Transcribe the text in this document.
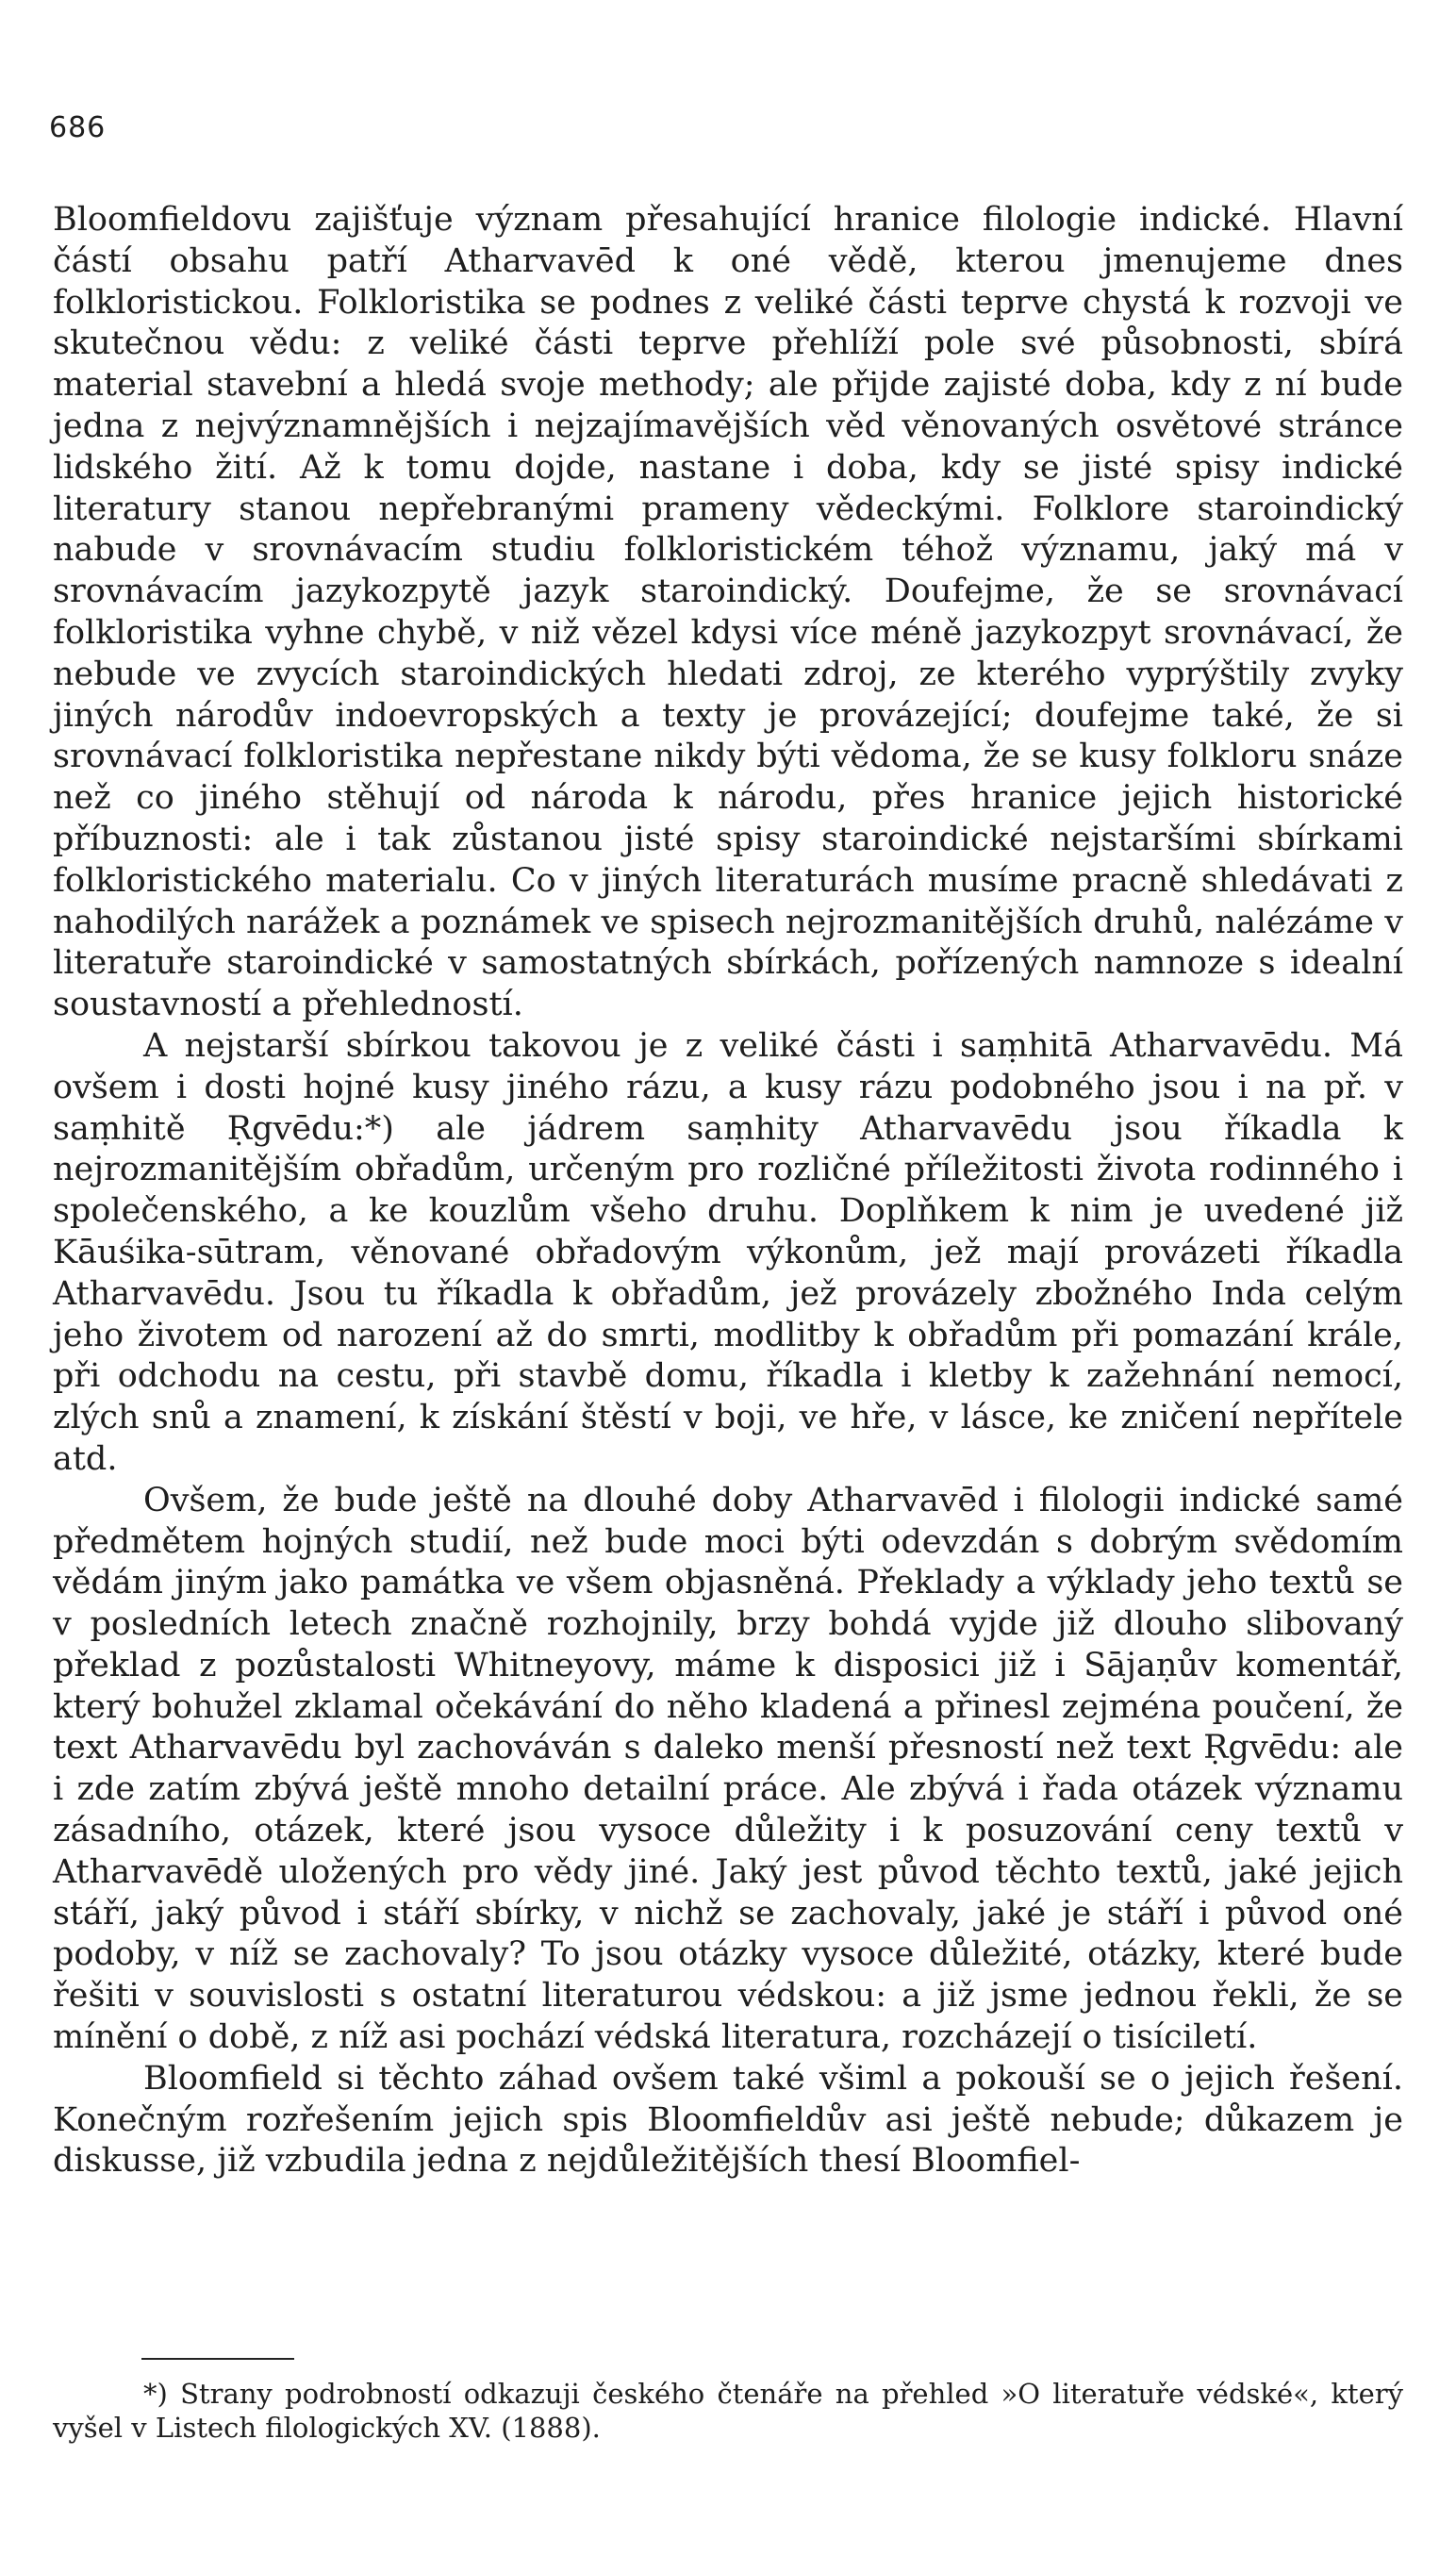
686

Bloomfieldovu zajišťuje význam přesahující hranice filologie indické. Hlavní částí obsahu patří Atharvavēd k oné vědě, kterou jmenujeme dnes folkloristickou. Folkloristika se podnes z veliké části teprve chystá k rozvoji ve skutečnou vědu: z veliké části teprve přehlíží pole své působnosti, sbírá material stavební a hledá svoje methody; ale přijde zajisté doba, kdy z ní bude jedna z nejvýznamnějších i nejzajímavějších věd věnovaných osvětové stránce lidského žití. Až k tomu dojde, nastane i doba, kdy se jisté spisy indické literatury stanou nepřebranými prameny vědeckými. Folklore staroindický nabude v srovnávacím studiu folkloristickém téhož významu, jaký má v srovnávacím jazykozpytě jazyk staroindický. Doufejme, že se srovnávací folkloristika vyhne chybě, v niž vězel kdysi více méně jazykozpyt srovnávací, že nebude ve zvycích staroindických hledati zdroj, ze kterého vyprýštily zvyky jiných národův indoevropských a texty je provázející; doufejme také, že si srovnávací folkloristika nepřestane nikdy býti vědoma, že se kusy folkloru snáze než co jiného stěhují od národa k národu, přes hranice jejich historické příbuznosti: ale i tak zůstanou jisté spisy staroindické nejstaršími sbírkami folkloristického materialu. Co v jiných literaturách musíme pracně shledávati z nahodilých narážek a poznámek ve spisech nejrozmanitějších druhů, nalézáme v literatuře staroindické v samostatných sbírkách, pořízených namnoze s idealní soustavností a přehledností.

A nejstarší sbírkou takovou je z veliké části i saṃhitā Atharvavēdu. Má ovšem i dosti hojné kusy jiného rázu, a kusy rázu podobného jsou i na př. v saṃhitě Ṛgvēdu:*) ale jádrem saṃhity Atharvavēdu jsou říkadla k nejrozmanitějším obřadům, určeným pro rozličné příležitosti života rodinného i společenského, a ke kouzlům všeho druhu. Doplňkem k nim je uvedené již Kāuśika-sūtram, věnované obřadovým výkonům, jež mají provázeti říkadla Atharvavēdu. Jsou tu říkadla k obřadům, jež provázely zbožného Inda celým jeho životem od narození až do smrti, modlitby k obřadům při pomazání krále, při odchodu na cestu, při stavbě domu, říkadla i kletby k zažehnání nemocí, zlých snů a znamení, k získání štěstí v boji, ve hře, v lásce, ke zničení nepřítele atd.

Ovšem, že bude ještě na dlouhé doby Atharvavēd i filologii indické samé předmětem hojných studií, než bude moci býti odevzdán s dobrým svědomím vědám jiným jako památka ve všem objasněná. Překlady a výklady jeho textů se v posledních letech značně rozhojnily, brzy bohdá vyjde již dlouho slibovaný překlad z pozůstalosti Whitneyovy, máme k disposici již i Sājaṇův komentář, který bohužel zklamal očekávání do něho kladená a přinesl zejména poučení, že text Atharvavēdu byl zachováván s daleko menší přesností než text Ṛgvēdu: ale i zde zatím zbývá ještě mnoho detailní práce. Ale zbývá i řada otázek významu zásadního, otázek, které jsou vysoce důležity i k posuzování ceny textů v Atharvavēdě uložených pro vědy jiné. Jaký jest původ těchto textů, jaké jejich stáří, jaký původ i stáří sbírky, v nichž se zachovaly, jaké je stáří i původ oné podoby, v níž se zachovaly? To jsou otázky vysoce důležité, otázky, které bude řešiti v souvislosti s ostatní literaturou védskou: a již jsme jednou řekli, že se mínění o době, z níž asi pochází védská literatura, rozcházejí o tisíciletí.

Bloomfield si těchto záhad ovšem také všiml a pokouší se o jejich řešení. Konečným rozřešením jejich spis Bloomfieldův asi ještě nebude; důkazem je diskusse, již vzbudila jedna z nejdůležitějších thesí Bloomfiel-

*) Strany podrobností odkazuji českého čtenáře na přehled »O literatuře védské«, který vyšel v Listech filologických XV. (1888).
